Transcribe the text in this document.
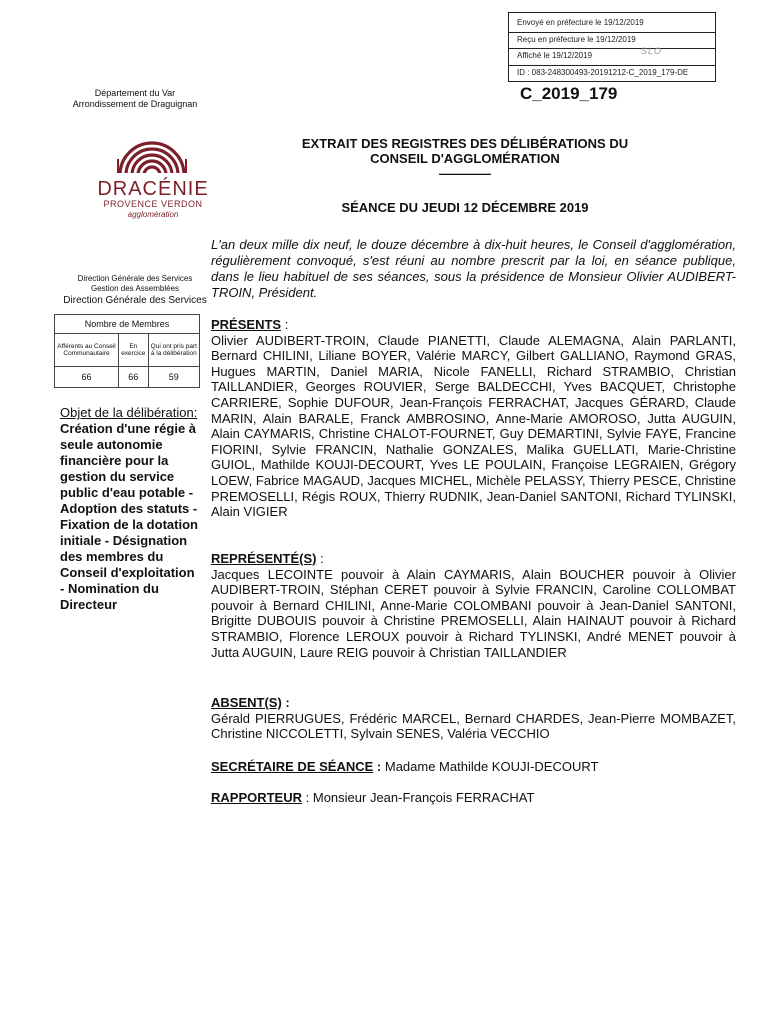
Envoyé en préfecture le 19/12/2019
Reçu en préfecture le 19/12/2019
Affiché le 19/12/2019	SLO
ID : 083-248300493-20191212-C_2019_179-DE
C_2019_179
Département du Var
Arrondissement de Draguignan
DRACÉNIE
PROVENCE VERDON
agglomération
EXTRAIT DES REGISTRES DES DÉLIBÉRATIONS DU
CONSEIL D'AGGLOMÉRATION
————
SÉANCE DU JEUDI 12 DÉCEMBRE 2019
L'an deux mille dix neuf, le douze décembre à dix-huit heures, le Conseil d'agglomération, régulièrement convoqué, s'est réuni au nombre prescrit par la loi, en séance publique, dans le lieu habituel de ses séances, sous la présidence de Monsieur Olivier AUDIBERT-TROIN, Président.
Direction Générale des Services
Gestion des Assemblées
Direction Générale des Services
Nombre de Membres		
Afférents au Conseil Communautaire	En exercice	Qui ont pris part à la délibération
66	66	59
Objet de la délibération:
Création d'une régie à seule autonomie financière pour la gestion du service public d'eau potable - Adoption des statuts - Fixation de la dotation initiale - Désignation des membres du Conseil d'exploitation - Nomination du Directeur
PRÉSENTS :
Olivier AUDIBERT-TROIN, Claude PIANETTI, Claude ALEMAGNA, Alain PARLANTI, Bernard CHILINI, Liliane BOYER, Valérie MARCY, Gilbert GALLIANO, Raymond GRAS, Hugues MARTIN, Daniel MARIA, Nicole FANELLI, Richard STRAMBIO, Christian TAILLANDIER, Georges ROUVIER, Serge BALDECCHI, Yves BACQUET, Christophe CARRIERE, Sophie DUFOUR, Jean-François FERRACHAT, Jacques GÉRARD, Claude MARIN, Alain BARALE, Franck AMBROSINO, Anne-Marie AMOROSO, Jutta AUGUIN, Alain CAYMARIS, Christine CHALOT-FOURNET, Guy DEMARTINI, Sylvie FAYE, Francine FIORINI, Sylvie FRANCIN, Nathalie GONZALES, Malika GUELLATI, Marie-Christine GUIOL, Mathilde KOUJI-DECOURT, Yves LE POULAIN, Françoise LEGRAIEN, Grégory LOEW, Fabrice MAGAUD, Jacques MICHEL, Michèle PELASSY, Thierry PESCE, Christine PREMOSELLI, Régis ROUX, Thierry RUDNIK, Jean-Daniel SANTONI, Richard TYLINSKI, Alain VIGIER
REPRÉSENTÉ(S) :
Jacques LECOINTE pouvoir à Alain CAYMARIS, Alain BOUCHER pouvoir à Olivier AUDIBERT-TROIN, Stéphan CERET pouvoir à Sylvie FRANCIN, Caroline COLLOMBAT pouvoir à Bernard CHILINI, Anne-Marie COLOMBANI pouvoir à Jean-Daniel SANTONI, Brigitte DUBOUIS pouvoir à Christine PREMOSELLI, Alain HAINAUT pouvoir à Richard STRAMBIO, Florence LEROUX pouvoir à Richard TYLINSKI, André MENET pouvoir à Jutta AUGUIN, Laure REIG pouvoir à Christian TAILLANDIER
ABSENT(S) :
Gérald PIERRUGUES, Frédéric MARCEL, Bernard CHARDES, Jean-Pierre MOMBAZET, Christine NICCOLETTI, Sylvain SENES, Valéria VECCHIO
SECRÉTAIRE DE SÉANCE : Madame Mathilde KOUJI-DECOURT
RAPPORTEUR : Monsieur Jean-François FERRACHAT
